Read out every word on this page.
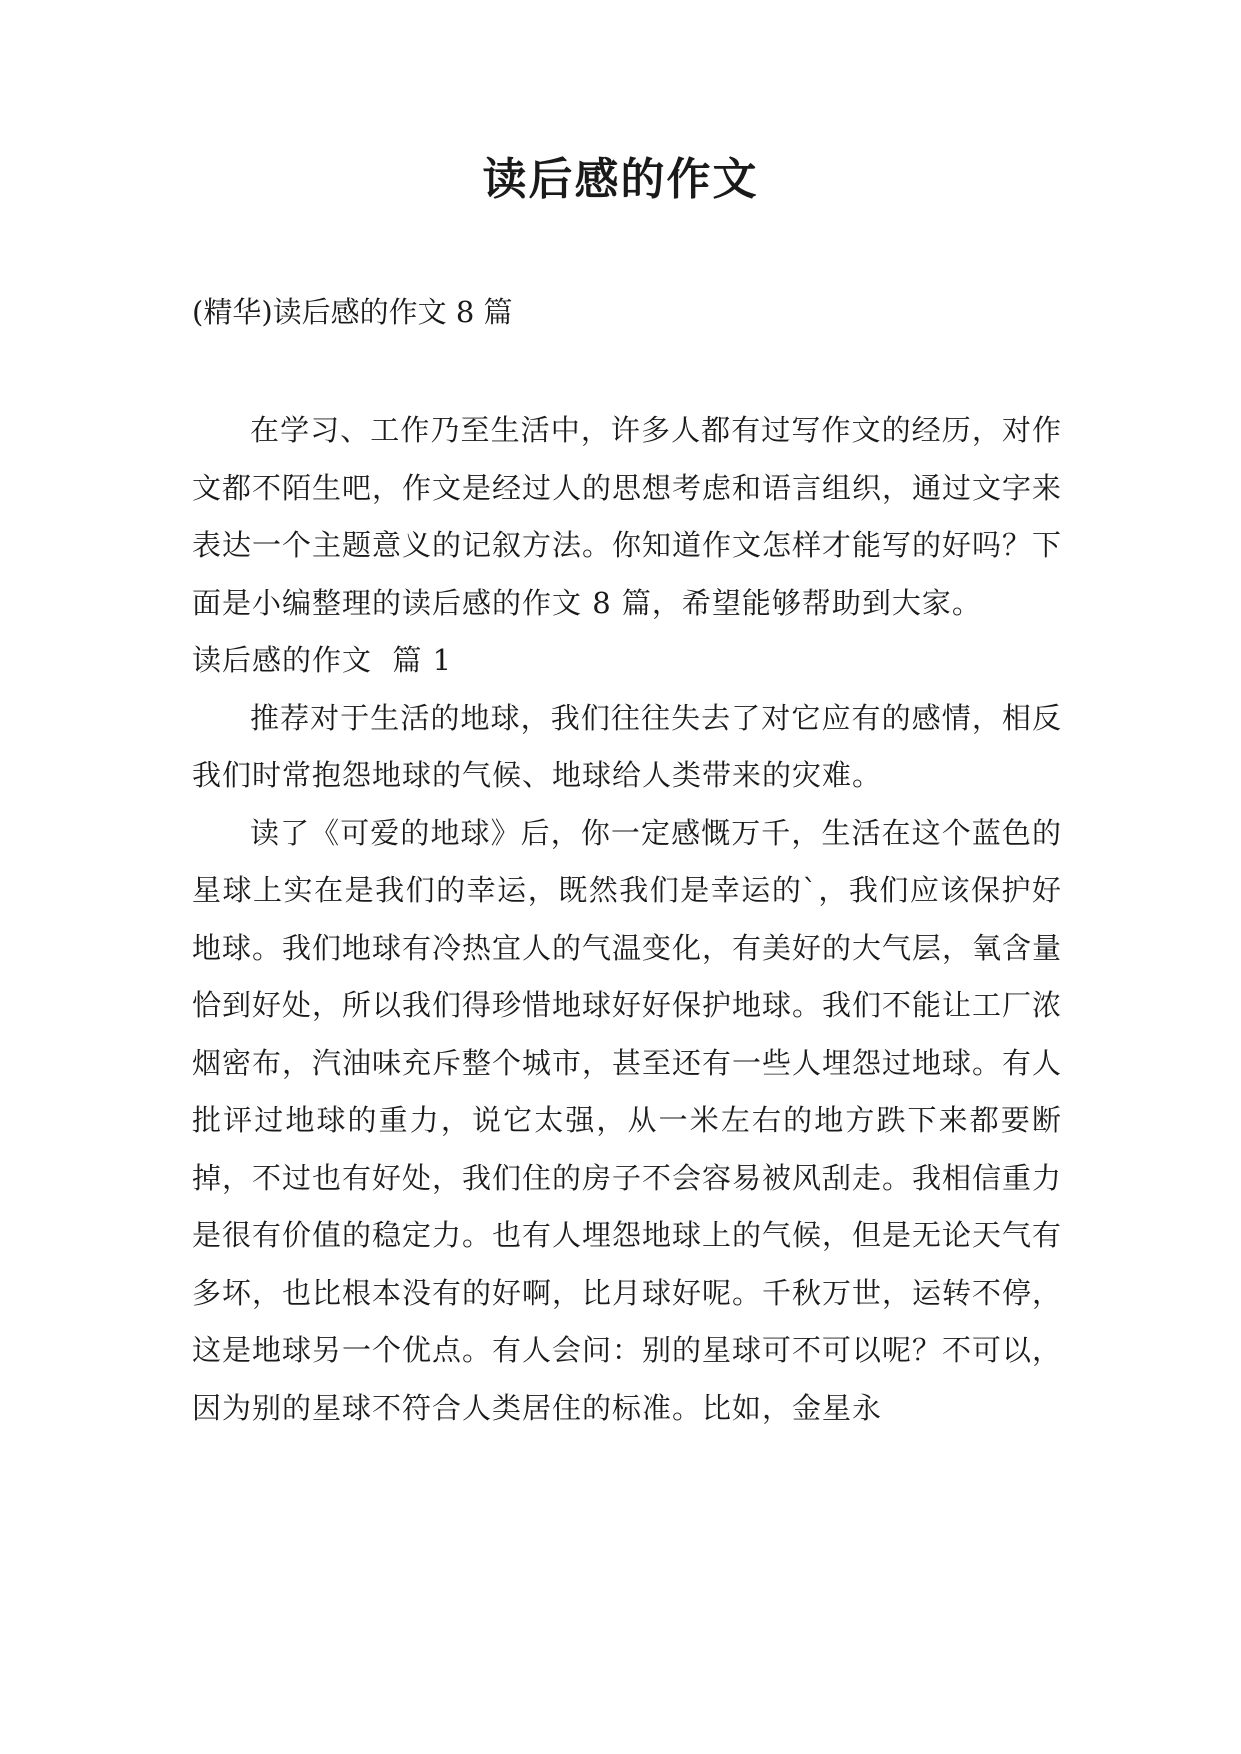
读后感的作文

(精华)读后感的作文 8 篇

在学习、工作乃至生活中，许多人都有过写作文的经历，对作文都不陌生吧，作文是经过人的思想考虑和语言组织，通过文字来表达一个主题意义的记叙方法。你知道作文怎样才能写的好吗？下面是小编整理的读后感的作文 8 篇，希望能够帮助到大家。

读后感的作文  篇 1

推荐对于生活的地球，我们往往失去了对它应有的感情，相反我们时常抱怨地球的气候、地球给人类带来的灾难。

读了《可爱的地球》后，你一定感慨万千，生活在这个蓝色的星球上实在是我们的幸运，既然我们是幸运的`，我们应该保护好地球。我们地球有冷热宜人的气温变化，有美好的大气层，氧含量恰到好处，所以我们得珍惜地球好好保护地球。我们不能让工厂浓烟密布，汽油味充斥整个城市，甚至还有一些人埋怨过地球。有人批评过地球的重力，说它太强，从一米左右的地方跌下来都要断掉，不过也有好处，我们住的房子不会容易被风刮走。我相信重力是很有价值的稳定力。也有人埋怨地球上的气候，但是无论天气有多坏，也比根本没有的好啊，比月球好呢。千秋万世，运转不停，这是地球另一个优点。有人会问：别的星球可不可以呢？不可以，因为别的星球不符合人类居住的标准。比如，金星永
